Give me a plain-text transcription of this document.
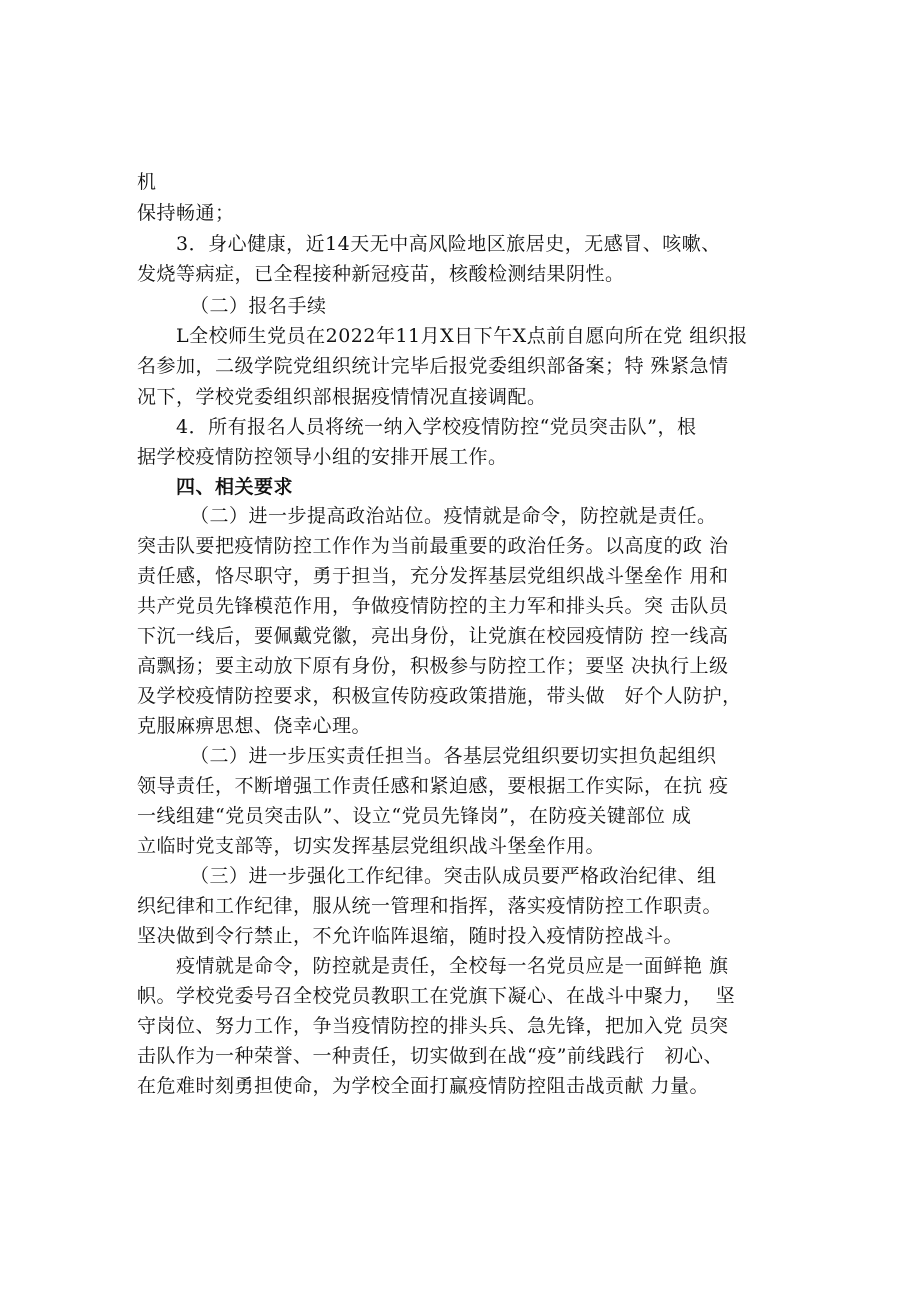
机
保持畅通；
3．身心健康，近14天无中高风险地区旅居史，无感冒、咳嗽、
发烧等病症，已全程接种新冠疫苗，核酸检测结果阴性。
（二）报名手续
L全校师生党员在2022年11月X日下午X点前自愿向所在党 组织报
名参加，二级学院党组织统计完毕后报党委组织部备案；特 殊紧急情
况下，学校党委组织部根据疫情情况直接调配。
4．所有报名人员将统一纳入学校疫情防控“党员突击队”，根
据学校疫情防控领导小组的安排开展工作。
四、相关要求
（二）进一步提高政治站位。疫情就是命令，防控就是责任。
突击队要把疫情防控工作作为当前最重要的政治任务。以高度的政 治
责任感，恪尽职守，勇于担当，充分发挥基层党组织战斗堡垒作 用和
共产党员先锋模范作用，争做疫情防控的主力军和排头兵。突 击队员
下沉一线后，要佩戴党徽，亮出身份，让党旗在校园疫情防 控一线高
高飘扬；要主动放下原有身份，积极参与防控工作；要坚 决执行上级
及学校疫情防控要求，积极宣传防疫政策措施，带头做   好个人防护，
克服麻痹思想、侥幸心理。
（二）进一步压实责任担当。各基层党组织要切实担负起组织
领导责任，不断增强工作责任感和紧迫感，要根据工作实际，在抗 疫
一线组建“党员突击队”、设立“党员先锋岗”，在防疫关键部位 成
立临时党支部等，切实发挥基层党组织战斗堡垒作用。
（三）进一步强化工作纪律。突击队成员要严格政治纪律、组
织纪律和工作纪律，服从统一管理和指挥，落实疫情防控工作职责。
坚决做到令行禁止，不允许临阵退缩，随时投入疫情防控战斗。
疫情就是命令，防控就是责任，全校每一名党员应是一面鲜艳 旗
帜。学校党委号召全校党员教职工在党旗下凝心、在战斗中聚力，  坚
守岗位、努力工作，争当疫情防控的排头兵、急先锋，把加入党 员突
击队作为一种荣誉、一种责任，切实做到在战“疫”前线践行   初心、
在危难时刻勇担使命，为学校全面打赢疫情防控阻击战贡献 力量。
